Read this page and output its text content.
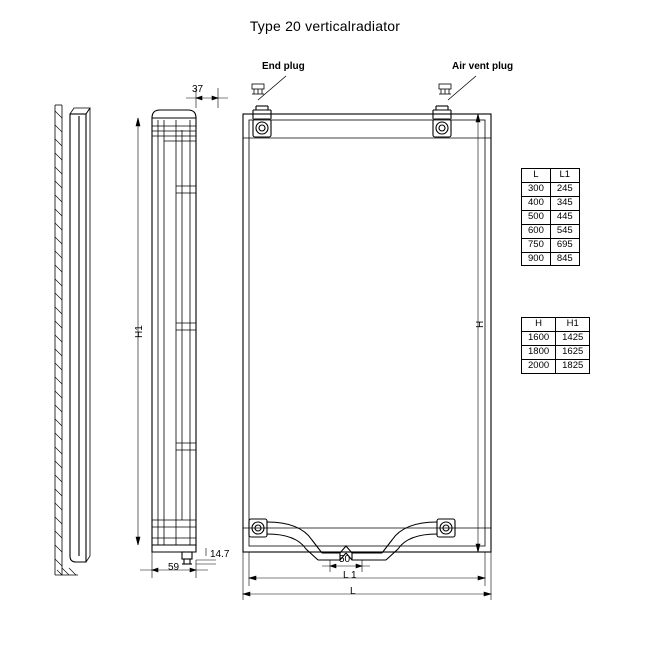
Type 20 verticalradiator
End plug	Air vent plug
37
59
14.7	50
L 1
L
H1
H
L	L1
300	245
400	345
500	445
600	545
750	695
900	845
H	H1
1600	1425
1800	1625
2000	1825
